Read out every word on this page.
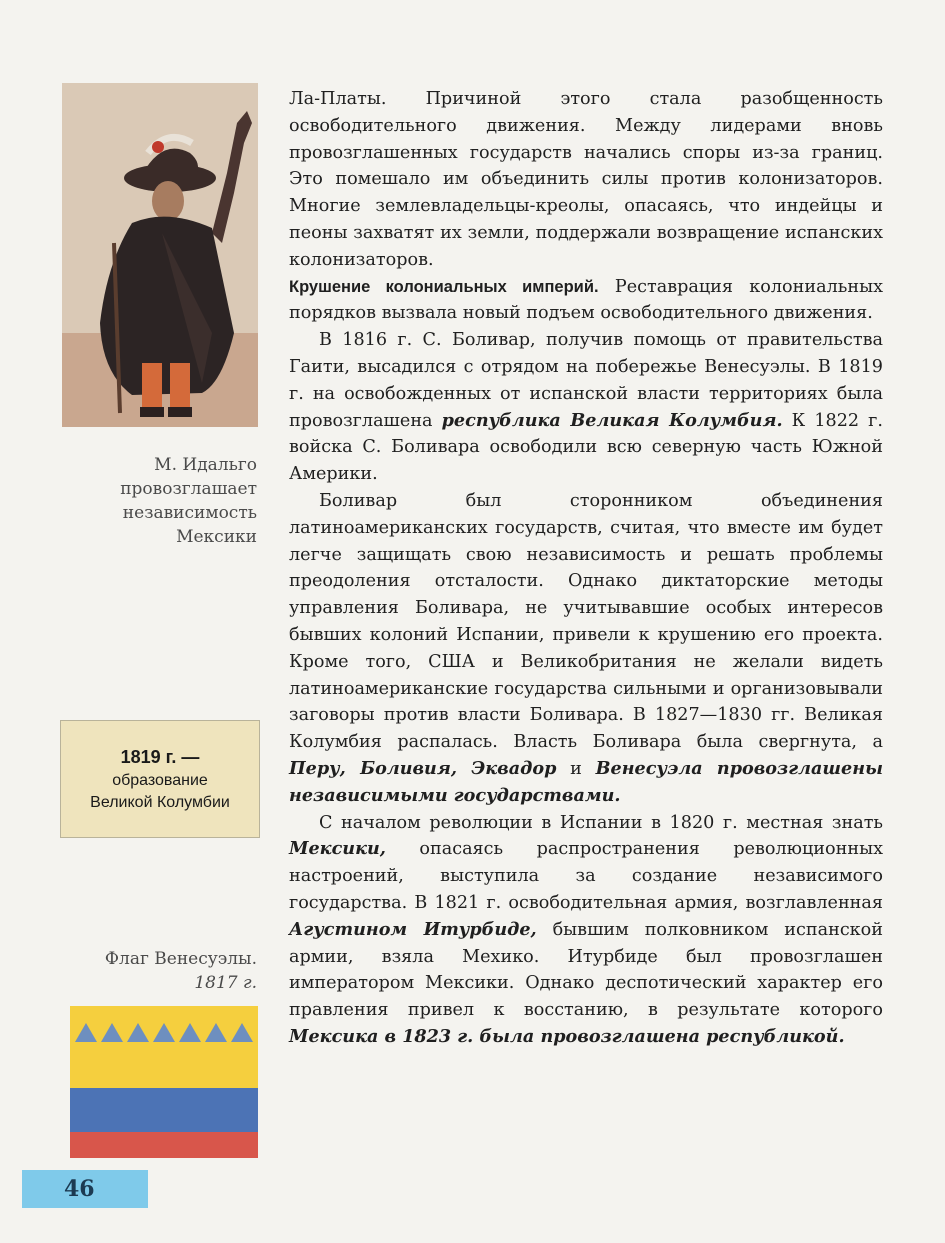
М. Идальго
провозглашает
независимость
Мексики
1819 г. —
образование
Великой Колумбии
Флаг Венесуэлы.
1817 г.
46

Ла-Платы. Причиной этого стала разобщенность освободительного движения. Между лидерами вновь провозглашенных государств начались споры из-за границ. Это помешало им объединить силы против колонизаторов. Многие землевладельцы-креолы, опасаясь, что индейцы и пеоны захватят их земли, поддержали возвращение испанских колонизаторов.

Крушение колониальных империй. Реставрация колониальных порядков вызвала новый подъем освободительного движения.

В 1816 г. С. Боливар, получив помощь от правительства Гаити, высадился с отрядом на побережье Венесуэлы. В 1819 г. на освобожденных от испанской власти территориях была провозглашена республика Великая Колумбия. К 1822 г. войска С. Боливара освободили всю северную часть Южной Америки.

Боливар был сторонником объединения латиноамериканских государств, считая, что вместе им будет легче защищать свою независимость и решать проблемы преодоления отсталости. Однако диктаторские методы управления Боливара, не учитывавшие особых интересов бывших колоний Испании, привели к крушению его проекта. Кроме того, США и Великобритания не желали видеть латиноамериканские государства сильными и организовывали заговоры против власти Боливара. В 1827—1830 гг. Великая Колумбия распалась. Власть Боливара была свергнута, а Перу, Боливия, Эквадор и Венесуэла провозглашены независимыми государствами.

С началом революции в Испании в 1820 г. местная знать Мексики, опасаясь распространения революционных настроений, выступила за создание независимого государства. В 1821 г. освободительная армия, возглавленная Агустином Итурбиде, бывшим полковником испанской армии, взяла Мехико. Итурбиде был провозглашен императором Мексики. Однако деспотический характер его правления привел к восстанию, в результате которого Мексика в 1823 г. была провозглашена республикой.
